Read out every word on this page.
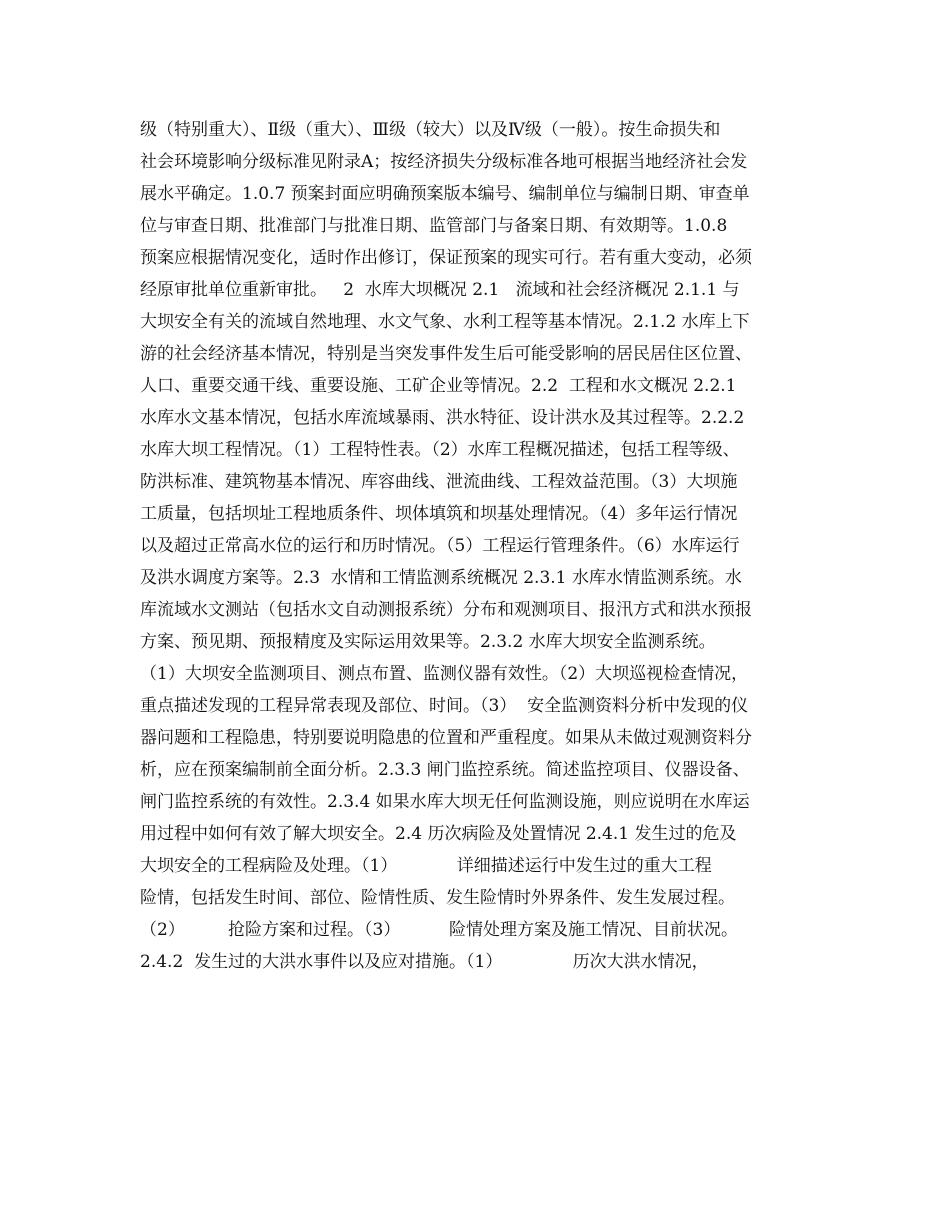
级（特别重大）、Ⅱ级（重大）、Ⅲ级（较大）以及Ⅳ级（一般）。按生命损失和
社会环境影响分级标准见附录A；按经济损失分级标准各地可根据当地经济社会发
展水平确定。1.0.7 预案封面应明确预案版本编号、编制单位与编制日期、审查单
位与审查日期、批准部门与批准日期、监管部门与备案日期、有效期等。1.0.8
预案应根据情况变化，适时作出修订，保证预案的现实可行。若有重大变动，必须
经原审批单位重新审批。   2  水库大坝概况 2.1   流域和社会经济概况 2.1.1 与
大坝安全有关的流域自然地理、水文气象、水利工程等基本情况。2.1.2 水库上下
游的社会经济基本情况，特别是当突发事件发生后可能受影响的居民居住区位置、
人口、重要交通干线、重要设施、工矿企业等情况。2.2  工程和水文概况 2.2.1
水库水文基本情况，包括水库流域暴雨、洪水特征、设计洪水及其过程等。2.2.2
水库大坝工程情况。（1）工程特性表。（2）水库工程概况描述，包括工程等级、
防洪标准、建筑物基本情况、库容曲线、泄流曲线、工程效益范围。（3）大坝施
工质量，包括坝址工程地质条件、坝体填筑和坝基处理情况。（4）多年运行情况
以及超过正常高水位的运行和历时情况。（5）工程运行管理条件。（6）水库运行
及洪水调度方案等。2.3  水情和工情监测系统概况 2.3.1 水库水情监测系统。水
库流域水文测站（包括水文自动测报系统）分布和观测项目、报汛方式和洪水预报
方案、预见期、预报精度及实际运用效果等。2.3.2 水库大坝安全监测系统。
（1）大坝安全监测项目、测点布置、监测仪器有效性。（2）大坝巡视检查情况，
重点描述发现的工程异常表现及部位、时间。（3）  安全监测资料分析中发现的仪
器问题和工程隐患，特别要说明隐患的位置和严重程度。如果从未做过观测资料分
析，应在预案编制前全面分析。2.3.3 闸门监控系统。简述监控项目、仪器设备、
闸门监控系统的有效性。2.3.4 如果水库大坝无任何监测设施，则应说明在水库运
用过程中如何有效了解大坝安全。2.4 历次病险及处置情况 2.4.1 发生过的危及
大坝安全的工程病险及处理。（1）           详细描述运行中发生过的重大工程
险情，包括发生时间、部位、险情性质、发生险情时外界条件、发生发展过程。
（2）        抢险方案和过程。（3）         险情处理方案及施工情况、目前状况。
2.4.2  发生过的大洪水事件以及应对措施。（1）             历次大洪水情况，
